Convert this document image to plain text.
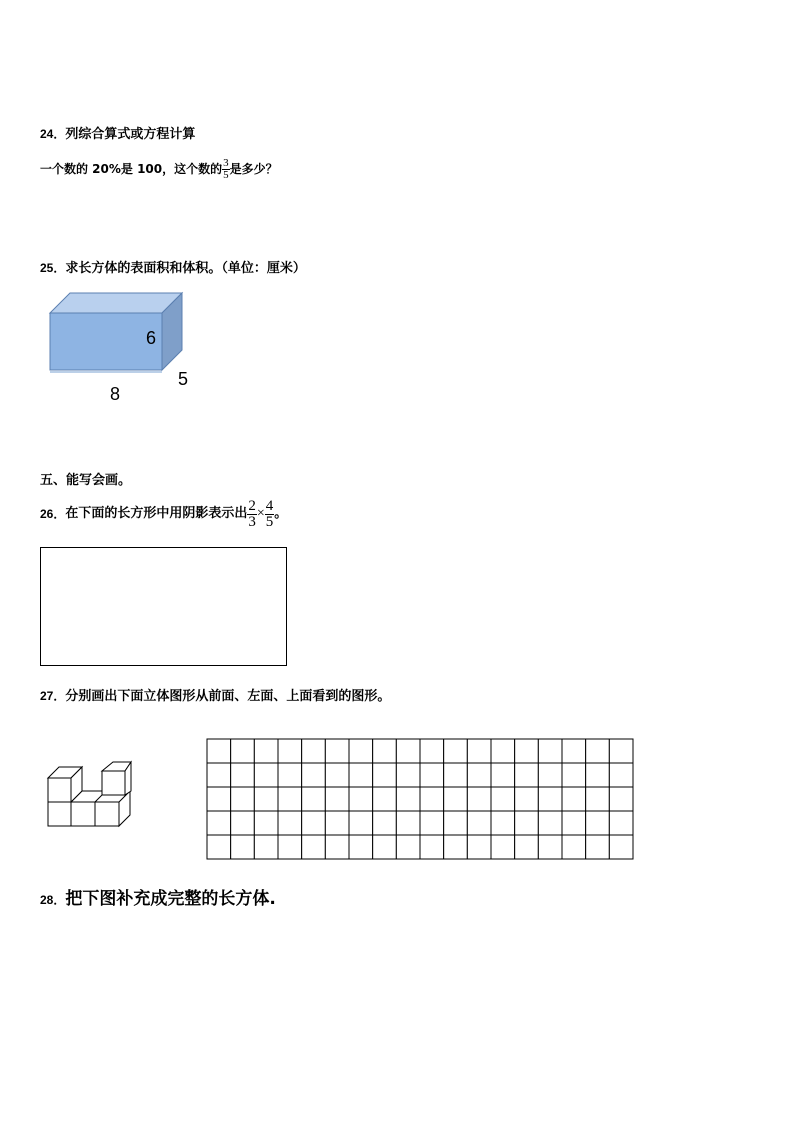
24．列综合算式或方程计算
一个数的 20%是 100，这个数的 $\frac{3}{5}$ 是多少？
25．求长方体的表面积和体积。（单位：厘米）
6
5
8
五、能写会画。
26． 在下面的长方形中用阴影表示出 $\frac{2}{3} \times \frac{4}{5}$ 。
27．分别画出下面立体图形从前面、左面、上面看到的图形。
28．把下图补充成完整的长方体.
